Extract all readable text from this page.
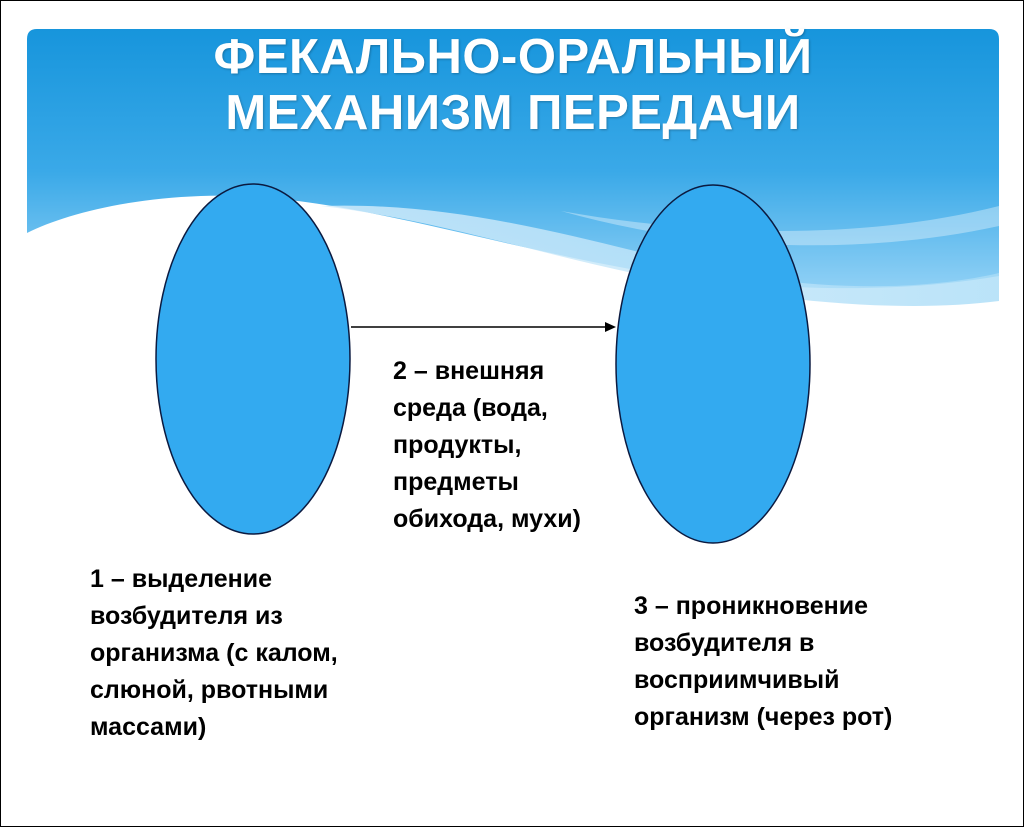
ФЕКАЛЬНО-ОРАЛЬНЫЙ
МЕХАНИЗМ ПЕРЕДАЧИ
1 – выделение
возбудителя из
организма (с калом,
слюной, рвотными
массами)
2 – внешняя
среда (вода,
продукты,
предметы
обихода, мухи)
3 – проникновение
возбудителя в
восприимчивый
организм (через рот)
